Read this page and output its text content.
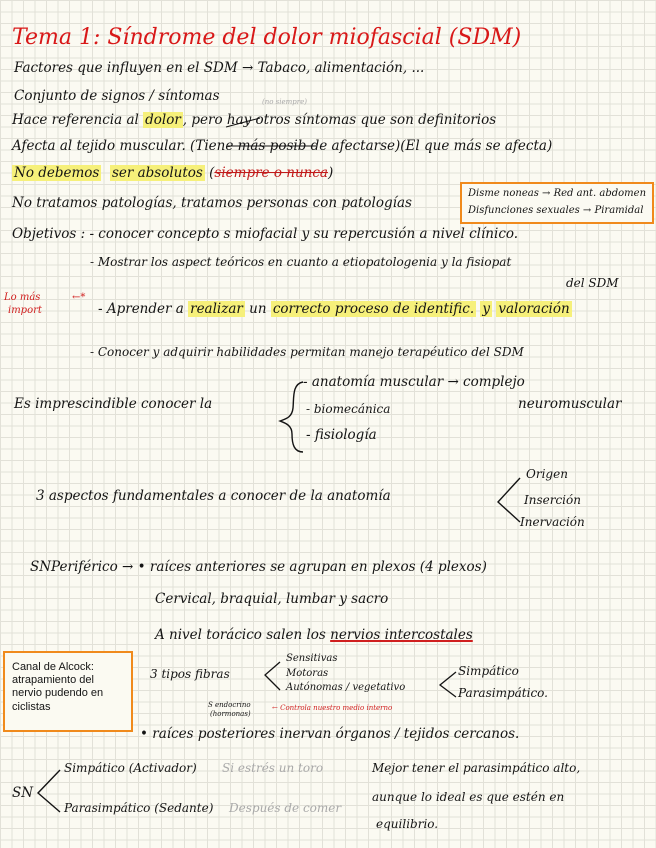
Tema 1: Síndrome del dolor miofascial (SDM)
Factores que influyen en el SDM → Tabaco, alimentación, ...
Conjunto de signos / síntomas	(no siempre)
Hace referencia al dolor , pero hay otros síntomas que son definitorios
Afecta al tejido muscular. (Tiene más posib de afectarse)(El que más se afecta)
No debemos ser absolutos (siempre o nunca)
No tratamos patologías, tratamos personas con patologías
Disme noneas → Red ant. abdomen
Disfunciones sexuales → Piramidal
Objetivos : - conocer concepto s miofacial y su repercusión a nivel clínico.
- Mostrar los aspect teóricos en cuanto a etiopatologenia y la fisiopat
del SDM
Lo más
import
←*
- Aprender a realizar un correcto proceso de identific. y valoración
- Conocer y adquirir habilidades permitan manejo terapéutico del SDM
Es imprescindible conocer la
- anatomía muscular → complejo
neuromuscular
- biomecánica
- fisiología
3 aspectos fundamentales a conocer de la anatomía
Origen
Inserción
Inervación
SNPeriférico → • raíces anteriores se agrupan en plexos (4 plexos)
Cervical, braquial, lumbar y sacro
A nivel torácico salen los nervios intercostales
Canal de Alcock: atrapamiento del nervio pudendo en ciclistas
3 tipos fibras
Sensitivas
Motoras
Autónomas / vegetativo
Simpático
Parasimpático.
S endocrino
(hormonas)
← Controla nuestro medio interno
• raíces posteriores inervan órganos / tejidos cercanos.
SN
Simpático (Activador) Si estrés un toro
Parasimpático (Sedante) Después de comer
Mejor tener el parasimpático alto,
aunque lo ideal es que estén en
equilibrio.
